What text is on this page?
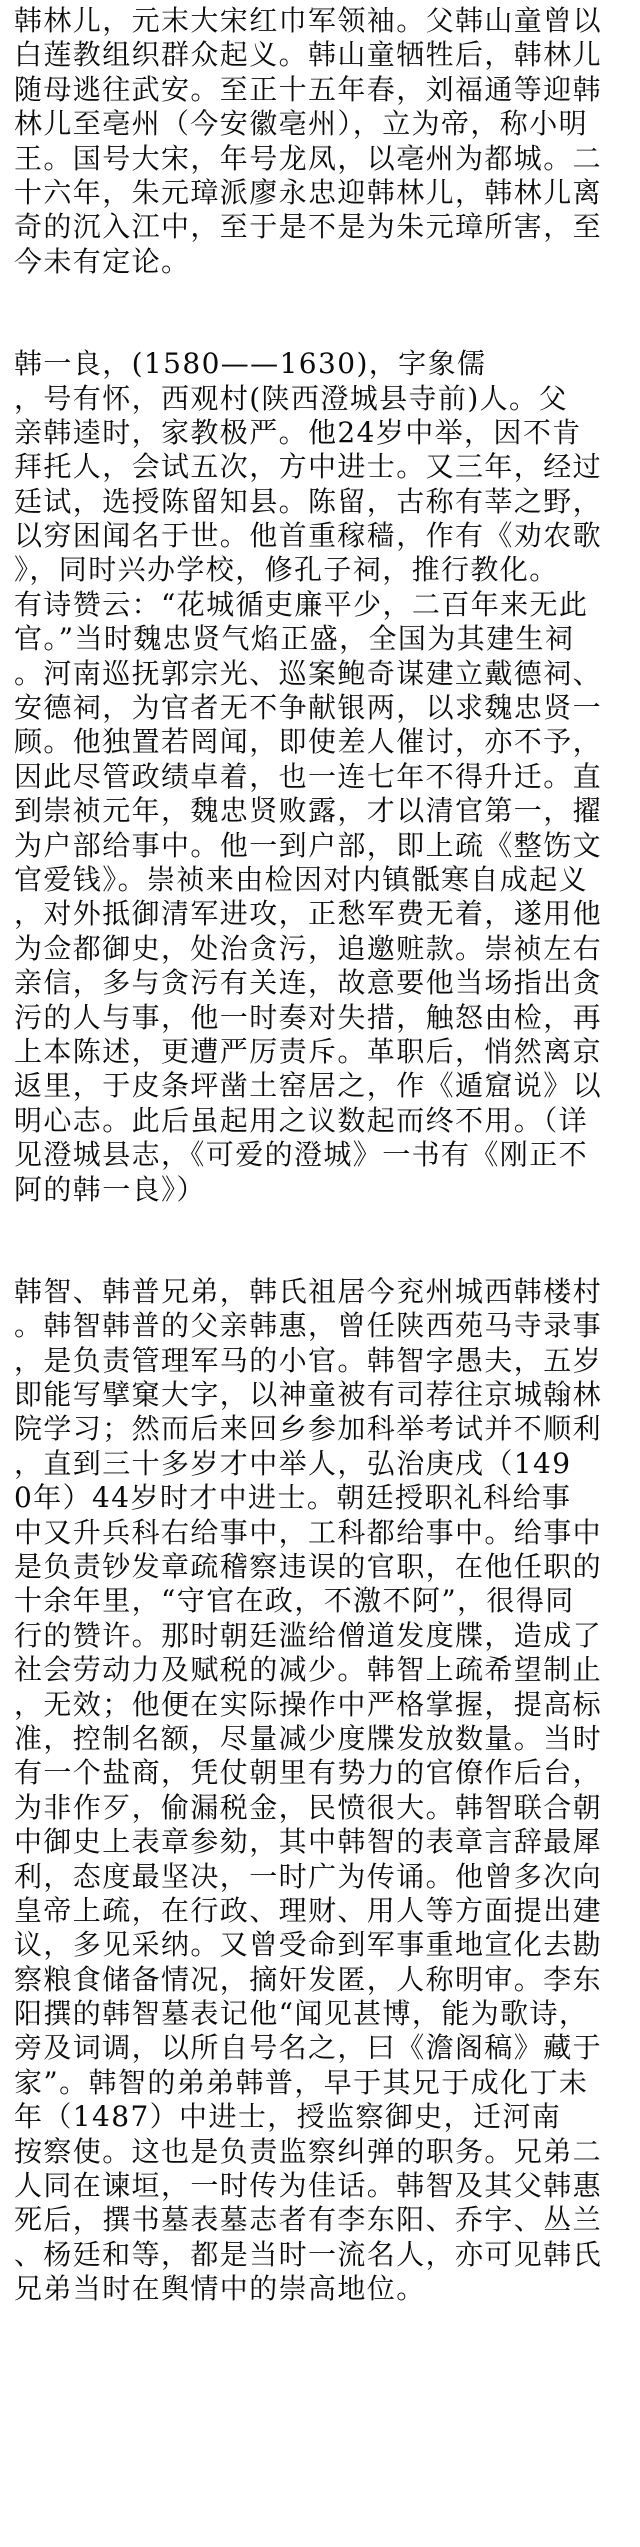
韩林儿，元末大宋红巾军领袖。父韩山童曾以
白莲教组织群众起义。韩山童牺牲后，韩林儿
随母逃往武安。至正十五年春，刘福通等迎韩
林儿至亳州（今安徽亳州），立为帝，称小明
王。国号大宋，年号龙凤，以亳州为都城。二
十六年，朱元璋派廖永忠迎韩林儿，韩林儿离
奇的沉入江中，至于是不是为朱元璋所害，至
今未有定论。
韩一良，(1580——1630)，字象儒
，号有怀，西观村(陕西澄城县寺前)人。父
亲韩逵时，家教极严。他24岁中举，因不肯
拜托人，会试五次，方中进士。又三年，经过
廷试，选授陈留知县。陈留，古称有莘之野，
以穷困闻名于世。他首重稼穑，作有《劝农歌
》，同时兴办学校，修孔子祠，推行教化。
有诗赞云：“花城循吏廉平少，二百年来无此
官。”当时魏忠贤气焰正盛，全国为其建生祠
。河南巡抚郭宗光、巡案鲍奇谋建立戴德祠、
安德祠，为官者无不争献银两，以求魏忠贤一
顾。他独置若罔闻，即使差人催讨，亦不予，
因此尽管政绩卓着，也一连七年不得升迁。直
到崇祯元年，魏忠贤败露，才以清官第一，擢
为户部给事中。他一到户部，即上疏《整饬文
官爱钱》。崇祯来由检因对内镇骶寒自成起义
，对外抵御清军进攻，正愁军费无着，遂用他
为佥都御史，处治贪污，追邀赃款。崇祯左右
亲信，多与贪污有关连，故意要他当场指出贪
污的人与事，他一时奏对失措，触怒由检，再
上本陈述，更遭严厉责斥。革职后，悄然离京
返里，于皮条坪凿土窑居之，作《遁窟说》以
明心志。此后虽起用之议数起而终不用。（详
见澄城县志，《可爱的澄城》一书有《刚正不
阿的韩一良》）
韩智、韩普兄弟，韩氏祖居今兖州城西韩楼村
。韩智韩普的父亲韩惠，曾任陕西苑马寺录事
，是负责管理军马的小官。韩智字愚夫，五岁
即能写擘窠大字，以神童被有司荐往京城翰林
院学习；然而后来回乡参加科举考试并不顺利
，直到三十多岁才中举人，弘治庚戌（149
0年）44岁时才中进士。朝廷授职礼科给事
中又升兵科右给事中，工科都给事中。给事中
是负责钞发章疏稽察违误的官职，在他任职的
十余年里，“守官在政，不激不阿”，很得同
行的赞许。那时朝廷滥给僧道发度牒，造成了
社会劳动力及赋税的减少。韩智上疏希望制止
，无效；他便在实际操作中严格掌握，提高标
准，控制名额，尽量减少度牒发放数量。当时
有一个盐商，凭仗朝里有势力的官僚作后台，
为非作歹，偷漏税金，民愤很大。韩智联合朝
中御史上表章参劾，其中韩智的表章言辞最犀
利，态度最坚决，一时广为传诵。他曾多次向
皇帝上疏，在行政、理财、用人等方面提出建
议，多见采纳。又曾受命到军事重地宣化去勘
察粮食储备情况，摘奸发匿，人称明审。李东
阳撰的韩智墓表记他“闻见甚博，能为歌诗，
旁及词调，以所自号名之，曰《澹阁稿》藏于
家”。韩智的弟弟韩普，早于其兄于成化丁未
年（1487）中进士，授监察御史，迁河南
按察使。这也是负责监察纠弹的职务。兄弟二
人同在谏垣，一时传为佳话。韩智及其父韩惠
死后，撰书墓表墓志者有李东阳、乔宇、丛兰
、杨廷和等，都是当时一流名人，亦可见韩氏
兄弟当时在舆情中的崇高地位。
